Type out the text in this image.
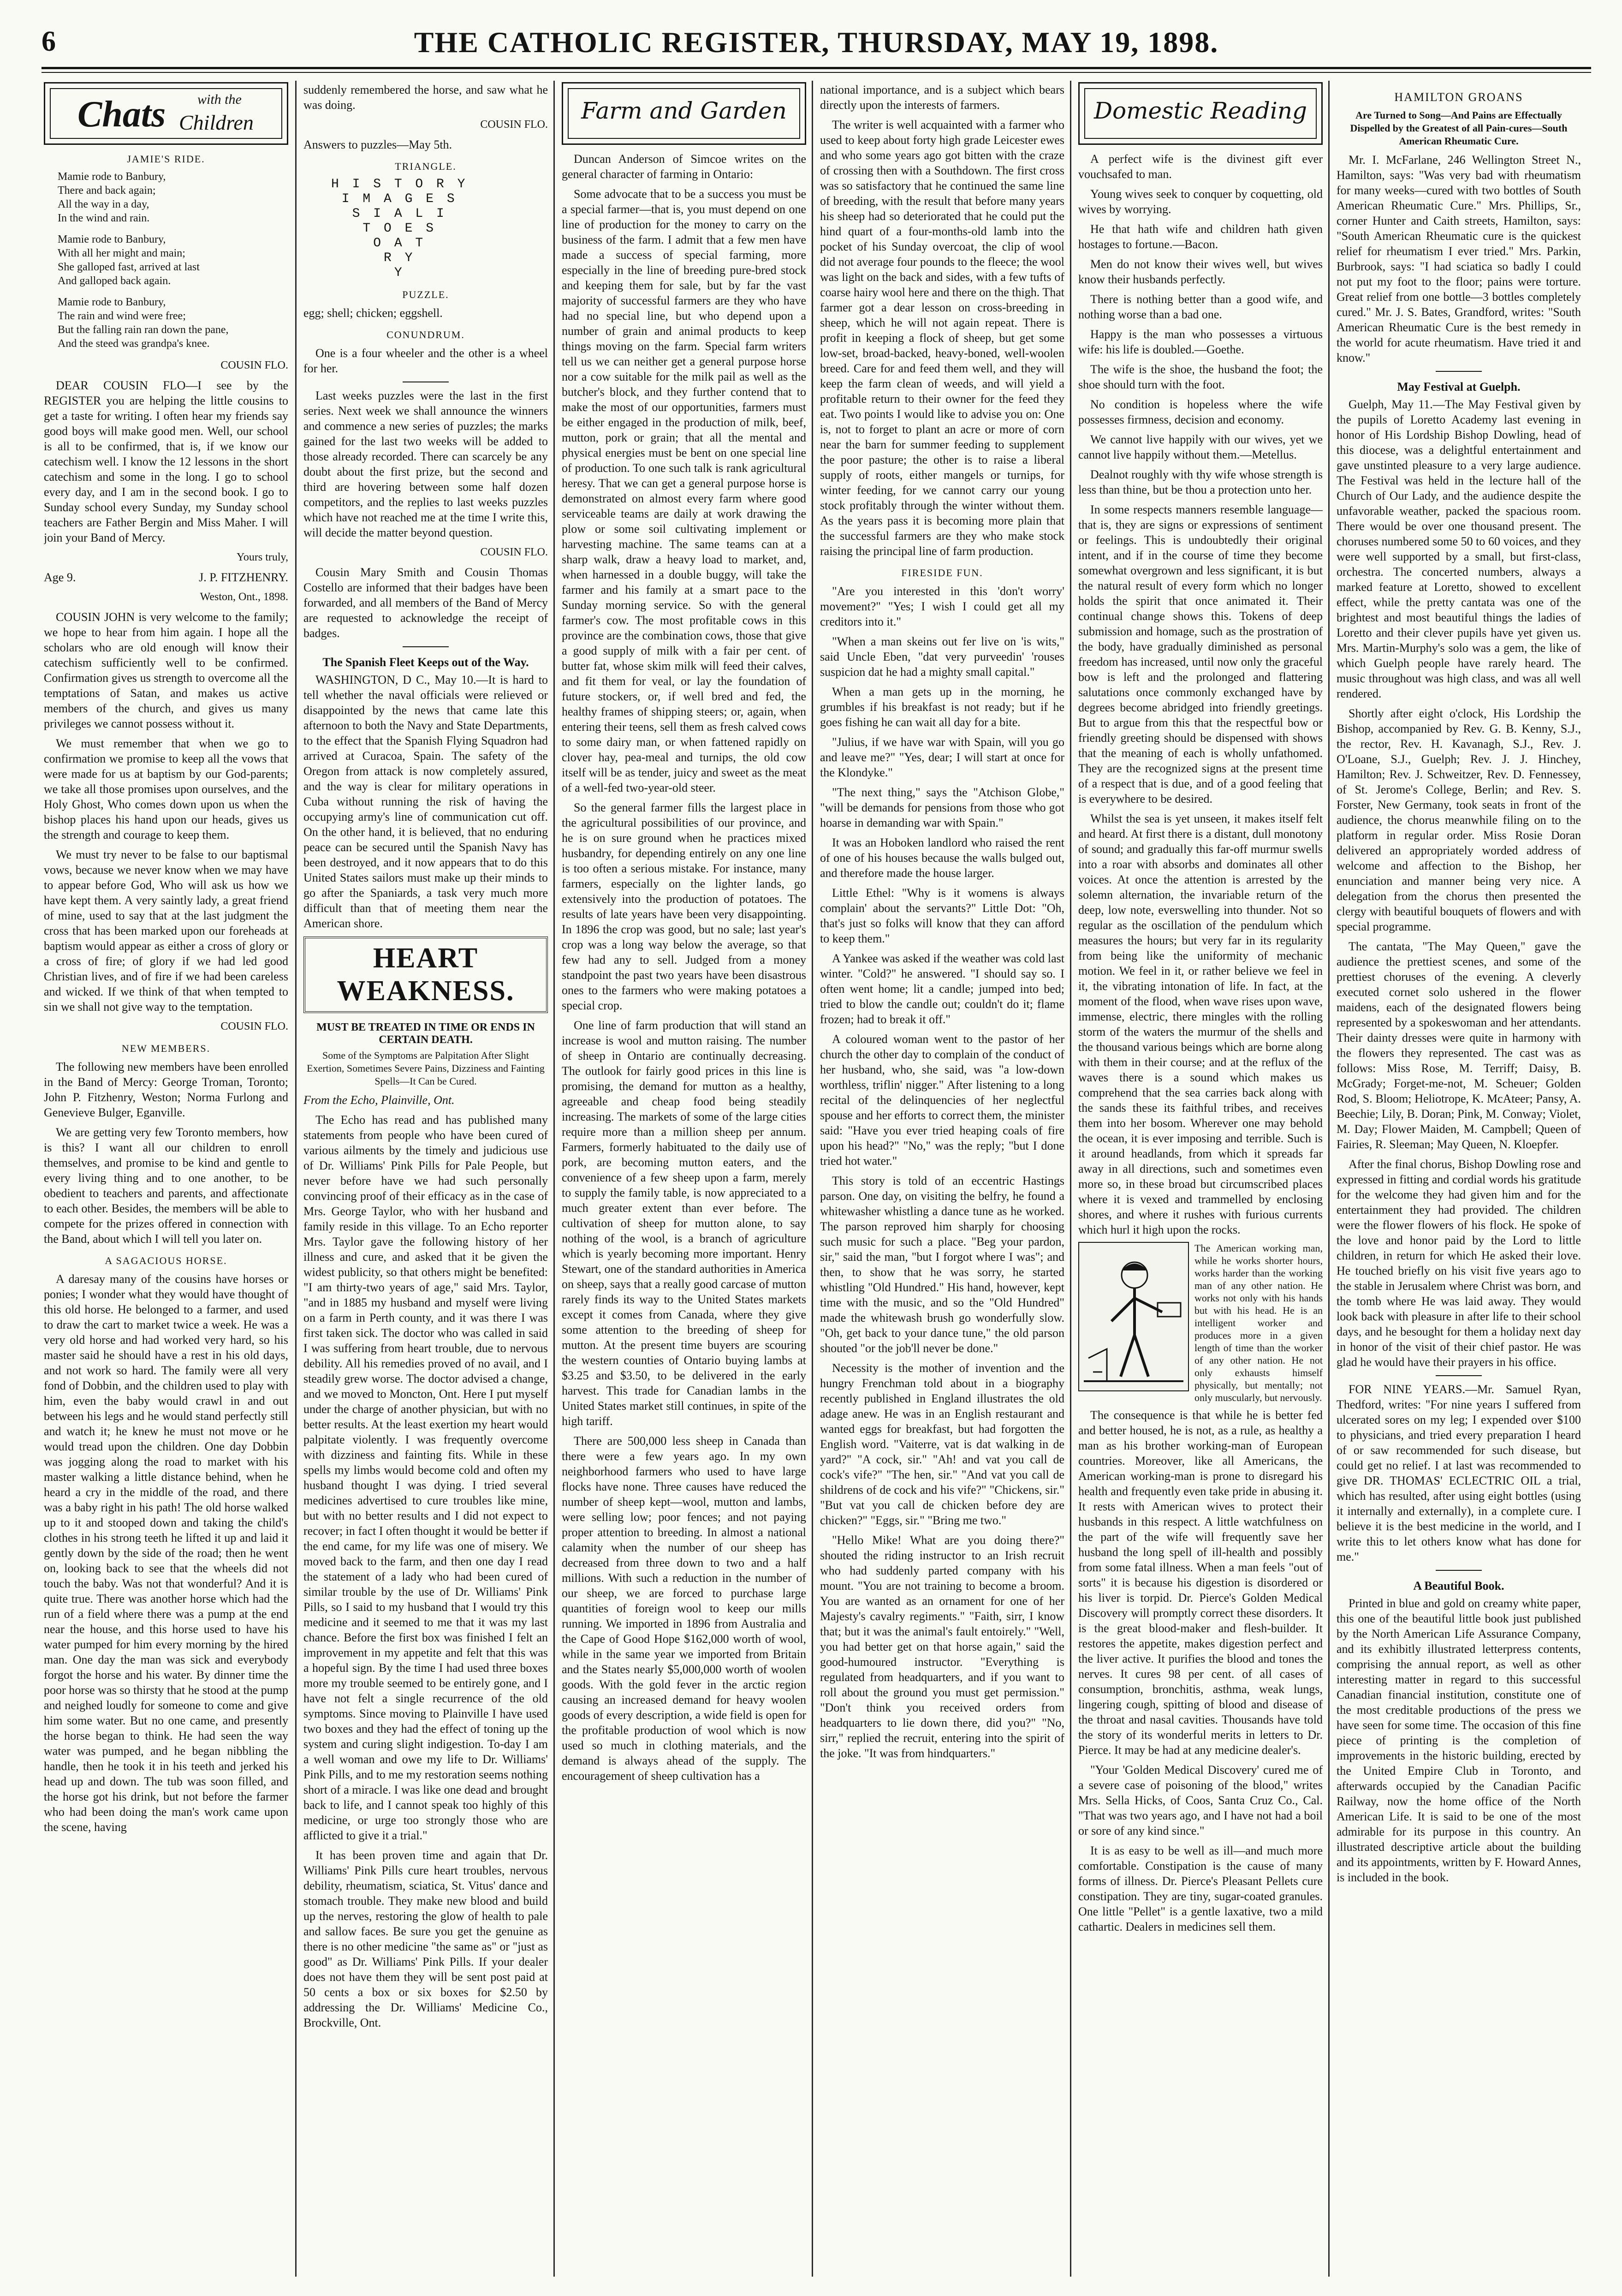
6	THE CATHOLIC REGISTER, THURSDAY, MAY 19, 1898.
Chats with the
Children
JAMIE'S RIDE.

Mamie rode to Banbury,
There and back again;
All the way in a day,
In the wind and rain.

Mamie rode to Banbury,
With all her might and main;
She galloped fast, arrived at last
And galloped back again.

Mamie rode to Banbury,
The rain and wind were free;
But the falling rain ran down the pane,
And the steed was grandpa's knee.

COUSIN FLO.

DEAR COUSIN FLO—I see by the REGISTER you are helping the little cousins to get a taste for writing. I often hear my friends say good boys will make good men. Well, our school is all to be confirmed, that is, if we know our catechism well. I know the 12 lessons in the short catechism and some in the long. I go to school every day, and I am in the second book. I go to Sunday school every Sunday, my Sunday school teachers are Father Bergin and Miss Maher. I will join your Band of Mercy.

Yours truly,

Age 9.	J. P. FITZHENRY.

Weston, Ont., 1898.

COUSIN JOHN is very welcome to the family; we hope to hear from him again. I hope all the scholars who are old enough will know their catechism sufficiently well to be confirmed. Confirmation gives us strength to overcome all the temptations of Satan, and makes us active members of the church, and gives us many privileges we cannot possess without it.

We must remember that when we go to confirmation we promise to keep all the vows that were made for us at baptism by our God-parents; we take all those promises upon ourselves, and the Holy Ghost, Who comes down upon us when the bishop places his hand upon our heads, gives us the strength and courage to keep them.

We must try never to be false to our baptismal vows, because we never know when we may have to appear before God, Who will ask us how we have kept them. A very saintly lady, a great friend of mine, used to say that at the last judgment the cross that has been marked upon our foreheads at baptism would appear as either a cross of glory or a cross of fire; of glory if we had led good Christian lives, and of fire if we had been careless and wicked. If we think of that when tempted to sin we shall not give way to the temptation.

COUSIN FLO.

NEW MEMBERS.

The following new members have been enrolled in the Band of Mercy: George Troman, Toronto; John P. Fitzhenry, Weston; Norma Furlong and Genevieve Bulger, Eganville.

We are getting very few Toronto members, how is this? I want all our children to enroll themselves, and promise to be kind and gentle to every living thing and to one another, to be obedient to teachers and parents, and affectionate to each other. Besides, the members will be able to compete for the prizes offered in connection with the Band, about which I will tell you later on.

A SAGACIOUS HORSE.

A daresay many of the cousins have horses or ponies; I wonder what they would have thought of this old horse. He belonged to a farmer, and used to draw the cart to market twice a week. He was a very old horse and had worked very hard, so his master said he should have a rest in his old days, and not work so hard. The family were all very fond of Dobbin, and the children used to play with him, even the baby would crawl in and out between his legs and he would stand perfectly still and watch it; he knew he must not move or he would tread upon the children. One day Dobbin was jogging along the road to market with his master walking a little distance behind, when he heard a cry in the middle of the road, and there was a baby right in his path! The old horse walked up to it and stooped down and taking the child's clothes in his strong teeth he lifted it up and laid it gently down by the side of the road; then he went on, looking back to see that the wheels did not touch the baby. Was not that wonderful? And it is quite true. There was another horse which had the run of a field where there was a pump at the end near the house, and this horse used to have his water pumped for him every morning by the hired man. One day the man was sick and everybody forgot the horse and his water. By dinner time the poor horse was so thirsty that he stood at the pump and neighed loudly for someone to come and give him some water. But no one came, and presently the horse began to think. He had seen the way water was pumped, and he began nibbling the handle, then he took it in his teeth and jerked his head up and down. The tub was soon filled, and the horse got his drink, but not before the farmer who had been doing the man's work came upon the scene, having

suddenly remembered the horse, and saw what he was doing.

COUSIN FLO.

Answers to puzzles—May 5th.

TRIANGLE.
H I S T O R Y
I M A G E S
S I A L I
T O E S
O A T
R Y
Y
PUZZLE.

egg; shell; chicken; eggshell.

CONUNDRUM.

One is a four wheeler and the other is a wheel for her.

Last weeks puzzles were the last in the first series. Next week we shall announce the winners and commence a new series of puzzles; the marks gained for the last two weeks will be added to those already recorded. There can scarcely be any doubt about the first prize, but the second and third are hovering between some half dozen competitors, and the replies to last weeks puzzles which have not reached me at the time I write this, will decide the matter beyond question.

COUSIN FLO.

Cousin Mary Smith and Cousin Thomas Costello are informed that their badges have been forwarded, and all members of the Band of Mercy are requested to acknowledge the receipt of badges.

The Spanish Fleet Keeps out of the Way.

WASHINGTON, D C., May 10.—It is hard to tell whether the naval officials were relieved or disappointed by the news that came late this afternoon to both the Navy and State Departments, to the effect that the Spanish Flying Squadron had arrived at Curacoa, Spain. The safety of the Oregon from attack is now completely assured, and the way is clear for military operations in Cuba without running the risk of having the occupying army's line of communication cut off. On the other hand, it is believed, that no enduring peace can be secured until the Spanish Navy has been destroyed, and it now appears that to do this United States sailors must make up their minds to go after the Spaniards, a task very much more difficult than that of meeting them near the American shore.

HEART WEAKNESS.
MUST BE TREATED IN TIME OR ENDS IN CERTAIN DEATH.

Some of the Symptoms are Palpitation After Slight Exertion, Sometimes Severe Pains, Dizziness and Fainting Spells—It Can be Cured.

From the Echo, Plainville, Ont.

The Echo has read and has published many statements from people who have been cured of various ailments by the timely and judicious use of Dr. Williams' Pink Pills for Pale People, but never before have we had such personally convincing proof of their efficacy as in the case of Mrs. George Taylor, who with her husband and family reside in this village. To an Echo reporter Mrs. Taylor gave the following history of her illness and cure, and asked that it be given the widest publicity, so that others might be benefited: "I am thirty-two years of age," said Mrs. Taylor, "and in 1885 my husband and myself were living on a farm in Perth county, and it was there I was first taken sick. The doctor who was called in said I was suffering from heart trouble, due to nervous debility. All his remedies proved of no avail, and I steadily grew worse. The doctor advised a change, and we moved to Moncton, Ont. Here I put myself under the charge of another physician, but with no better results. At the least exertion my heart would palpitate violently. I was frequently overcome with dizziness and fainting fits. While in these spells my limbs would become cold and often my husband thought I was dying. I tried several medicines advertised to cure troubles like mine, but with no better results and I did not expect to recover; in fact I often thought it would be better if the end came, for my life was one of misery. We moved back to the farm, and then one day I read the statement of a lady who had been cured of similar trouble by the use of Dr. Williams' Pink Pills, so I said to my husband that I would try this medicine and it seemed to me that it was my last chance. Before the first box was finished I felt an improvement in my appetite and felt that this was a hopeful sign. By the time I had used three boxes more my trouble seemed to be entirely gone, and I have not felt a single recurrence of the old symptoms. Since moving to Plainville I have used two boxes and they had the effect of toning up the system and curing slight indigestion. To-day I am a well woman and owe my life to Dr. Williams' Pink Pills, and to me my restoration seems nothing short of a miracle. I was like one dead and brought back to life, and I cannot speak too highly of this medicine, or urge too strongly those who are afflicted to give it a trial."

It has been proven time and again that Dr. Williams' Pink Pills cure heart troubles, nervous debility, rheumatism, sciatica, St. Vitus' dance and stomach trouble. They make new blood and build up the nerves, restoring the glow of health to pale and sallow faces. Be sure you get the genuine as there is no other medicine "the same as" or "just as good" as Dr. Williams' Pink Pills. If your dealer does not have them they will be sent post paid at 50 cents a box or six boxes for $2.50 by addressing the Dr. Williams' Medicine Co., Brockville, Ont.

Farm and Garden

Duncan Anderson of Simcoe writes on the general character of farming in Ontario:

Some advocate that to be a success you must be a special farmer—that is, you must depend on one line of production for the money to carry on the business of the farm. I admit that a few men have made a success of special farming, more especially in the line of breeding pure-bred stock and keeping them for sale, but by far the vast majority of successful farmers are they who have had no special line, but who depend upon a number of grain and animal products to keep things moving on the farm. Special farm writers tell us we can neither get a general purpose horse nor a cow suitable for the milk pail as well as the butcher's block, and they further contend that to make the most of our opportunities, farmers must be either engaged in the production of milk, beef, mutton, pork or grain; that all the mental and physical energies must be bent on one special line of production. To one such talk is rank agricultural heresy. That we can get a general purpose horse is demonstrated on almost every farm where good serviceable teams are daily at work drawing the plow or some soil cultivating implement or harvesting machine. The same teams can at a sharp walk, draw a heavy load to market, and, when harnessed in a double buggy, will take the farmer and his family at a smart pace to the Sunday morning service. So with the general farmer's cow. The most profitable cows in this province are the combination cows, those that give a good supply of milk with a fair per cent. of butter fat, whose skim milk will feed their calves, and fit them for veal, or lay the foundation of future stockers, or, if well bred and fed, the healthy frames of shipping steers; or, again, when entering their teens, sell them as fresh calved cows to some dairy man, or when fattened rapidly on clover hay, pea-meal and turnips, the old cow itself will be as tender, juicy and sweet as the meat of a well-fed two-year-old steer.

So the general farmer fills the largest place in the agricultural possibilities of our province, and he is on sure ground when he practices mixed husbandry, for depending entirely on any one line is too often a serious mistake. For instance, many farmers, especially on the lighter lands, go extensively into the production of potatoes. The results of late years have been very disappointing. In 1896 the crop was good, but no sale; last year's crop was a long way below the average, so that few had any to sell. Judged from a money standpoint the past two years have been disastrous ones to the farmers who were making potatoes a special crop.

One line of farm production that will stand an increase is wool and mutton raising. The number of sheep in Ontario are continually decreasing. The outlook for fairly good prices in this line is promising, the demand for mutton as a healthy, agreeable and cheap food being steadily increasing. The markets of some of the large cities require more than a million sheep per annum. Farmers, formerly habituated to the daily use of pork, are becoming mutton eaters, and the convenience of a few sheep upon a farm, merely to supply the family table, is now appreciated to a much greater extent than ever before. The cultivation of sheep for mutton alone, to say nothing of the wool, is a branch of agriculture which is yearly becoming more important. Henry Stewart, one of the standard authorities in America on sheep, says that a really good carcase of mutton rarely finds its way to the United States markets except it comes from Canada, where they give some attention to the breeding of sheep for mutton. At the present time buyers are scouring the western counties of Ontario buying lambs at $3.25 and $3.50, to be delivered in the early harvest. This trade for Canadian lambs in the United States market still continues, in spite of the high tariff.

There are 500,000 less sheep in Canada than there were a few years ago. In my own neighborhood farmers who used to have large flocks have none. Three causes have reduced the number of sheep kept—wool, mutton and lambs, were selling low; poor fences; and not paying proper attention to breeding. In almost a national calamity when the number of our sheep has decreased from three down to two and a half millions. With such a reduction in the number of our sheep, we are forced to purchase large quantities of foreign wool to keep our mills running. We imported in 1896 from Australia and the Cape of Good Hope $162,000 worth of wool, while in the same year we imported from Britain and the States nearly $5,000,000 worth of woolen goods. With the gold fever in the arctic region causing an increased demand for heavy woolen goods of every description, a wide field is open for the profitable production of wool which is now used so much in clothing materials, and the demand is always ahead of the supply. The encouragement of sheep cultivation has a

national importance, and is a subject which bears directly upon the interests of farmers.

The writer is well acquainted with a farmer who used to keep about forty high grade Leicester ewes and who some years ago got bitten with the craze of crossing then with a Southdown. The first cross was so satisfactory that he continued the same line of breeding, with the result that before many years his sheep had so deteriorated that he could put the hind quart of a four-months-old lamb into the pocket of his Sunday overcoat, the clip of wool did not average four pounds to the fleece; the wool was light on the back and sides, with a few tufts of coarse hairy wool here and there on the thigh. That farmer got a dear lesson on cross-breeding in sheep, which he will not again repeat. There is profit in keeping a flock of sheep, but get some low-set, broad-backed, heavy-boned, well-woolen breed. Care for and feed them well, and they will keep the farm clean of weeds, and will yield a profitable return to their owner for the feed they eat. Two points I would like to advise you on: One is, not to forget to plant an acre or more of corn near the barn for summer feeding to supplement the poor pasture; the other is to raise a liberal supply of roots, either mangels or turnips, for winter feeding, for we cannot carry our young stock profitably through the winter without them. As the years pass it is becoming more plain that the successful farmers are they who make stock raising the principal line of farm production.

FIRESIDE FUN.

"Are you interested in this 'don't worry' movement?" "Yes; I wish I could get all my creditors into it."

"When a man skeins out fer live on 'is wits," said Uncle Eben, "dat very purveedin' 'rouses suspicion dat he had a mighty small capital."

When a man gets up in the morning, he grumbles if his breakfast is not ready; but if he goes fishing he can wait all day for a bite.

"Julius, if we have war with Spain, will you go and leave me?" "Yes, dear; I will start at once for the Klondyke."

"The next thing," says the "Atchison Globe," "will be demands for pensions from those who got hoarse in demanding war with Spain."

It was an Hoboken landlord who raised the rent of one of his houses because the walls bulged out, and therefore made the house larger.

Little Ethel: "Why is it womens is always complain' about the servants?" Little Dot: "Oh, that's just so folks will know that they can afford to keep them."

A Yankee was asked if the weather was cold last winter. "Cold?" he answered. "I should say so. I often went home; lit a candle; jumped into bed; tried to blow the candle out; couldn't do it; flame frozen; had to break it off."

A coloured woman went to the pastor of her church the other day to complain of the conduct of her husband, who, she said, was "a low-down worthless, triflin' nigger." After listening to a long recital of the delinquencies of her neglectful spouse and her efforts to correct them, the minister said: "Have you ever tried heaping coals of fire upon his head?" "No," was the reply; "but I done tried hot water."

This story is told of an eccentric Hastings parson. One day, on visiting the belfry, he found a whitewasher whistling a dance tune as he worked. The parson reproved him sharply for choosing such music for such a place. "Beg your pardon, sir," said the man, "but I forgot where I was"; and then, to show that he was sorry, he started whistling "Old Hundred." His hand, however, kept time with the music, and so the "Old Hundred" made the whitewash brush go wonderfully slow. "Oh, get back to your dance tune," the old parson shouted "or the job'll never be done."

Necessity is the mother of invention and the hungry Frenchman told about in a biography recently published in England illustrates the old adage anew. He was in an English restaurant and wanted eggs for breakfast, but had forgotten the English word. "Vaiterre, vat is dat walking in de yard?" "A cock, sir." "Ah! and vat you call de cock's vife?" "The hen, sir." "And vat you call de shildrens of de cock and his vife?" "Chickens, sir." "But vat you call de chicken before dey are chicken?" "Eggs, sir." "Bring me two."

"Hello Mike! What are you doing there?" shouted the riding instructor to an Irish recruit who had suddenly parted company with his mount. "You are not training to become a broom. You are wanted as an ornament for one of her Majesty's cavalry regiments." "Faith, sirr, I know that; but it was the animal's fault entoirely." "Well, you had better get on that horse again," said the good-humoured instructor. "Everything is regulated from headquarters, and if you want to roll about the ground you must get permission." "Don't think you received orders from headquarters to lie down there, did you?" "No, sirr," replied the recruit, entering into the spirit of the joke. "It was from hindquarters."

Domestic Reading

A perfect wife is the divinest gift ever vouchsafed to man.

Young wives seek to conquer by coquetting, old wives by worrying.

He that hath wife and children hath given hostages to fortune.—Bacon.

Men do not know their wives well, but wives know their husbands perfectly.

There is nothing better than a good wife, and nothing worse than a bad one.

Happy is the man who possesses a virtuous wife: his life is doubled.—Goethe.

The wife is the shoe, the husband the foot; the shoe should turn with the foot.

No condition is hopeless where the wife possesses firmness, decision and economy.

We cannot live happily with our wives, yet we cannot live happily without them.—Metellus.

Dealnot roughly with thy wife whose strength is less than thine, but be thou a protection unto her.

In some respects manners resemble language—that is, they are signs or expressions of sentiment or feelings. This is undoubtedly their original intent, and if in the course of time they become somewhat overgrown and less significant, it is but the natural result of every form which no longer holds the spirit that once animated it. Their continual change shows this. Tokens of deep submission and homage, such as the prostration of the body, have gradually diminished as personal freedom has increased, until now only the graceful bow is left and the prolonged and flattering salutations once commonly exchanged have by degrees become abridged into friendly greetings. But to argue from this that the respectful bow or friendly greeting should be dispensed with shows that the meaning of each is wholly unfathomed. They are the recognized signs at the present time of a respect that is due, and of a good feeling that is everywhere to be desired.

Whilst the sea is yet unseen, it makes itself felt and heard. At first there is a distant, dull monotony of sound; and gradually this far-off murmur swells into a roar with absorbs and dominates all other voices. At once the attention is arrested by the solemn alternation, the invariable return of the deep, low note, everswelling into thunder. Not so regular as the oscillation of the pendulum which measures the hours; but very far in its regularity from being like the uniformity of mechanic motion. We feel in it, or rather believe we feel in it, the vibrating intonation of life. In fact, at the moment of the flood, when wave rises upon wave, immense, electric, there mingles with the rolling storm of the waters the murmur of the shells and the thousand various beings which are borne along with them in their course; and at the reflux of the waves there is a sound which makes us comprehend that the sea carries back along with the sands these its faithful tribes, and receives them into her bosom. Wherever one may behold the ocean, it is ever imposing and terrible. Such is it around headlands, from which it spreads far away in all directions, such and sometimes even more so, in these broad but circumscribed places where it is vexed and trammelled by enclosing shores, and where it rushes with furious currents which hurl it high upon the rocks.

The American working man, while he works shorter hours, works harder than the working man of any other nation. He works not only with his hands but with his head. He is an intelligent worker and produces more in a given length of time than the worker of any other nation. He not only exhausts himself physically, but mentally; not only muscularly, but nervously.

The consequence is that while he is better fed and better housed, he is not, as a rule, as healthy a man as his brother working-man of European countries. Moreover, like all Americans, the American working-man is prone to disregard his health and frequently even take pride in abusing it. It rests with American wives to protect their husbands in this respect. A little watchfulness on the part of the wife will frequently save her husband the long spell of ill-health and possibly from some fatal illness. When a man feels "out of sorts" it is because his digestion is disordered or his liver is torpid. Dr. Pierce's Golden Medical Discovery will promptly correct these disorders. It is the great blood-maker and flesh-builder. It restores the appetite, makes digestion perfect and the liver active. It purifies the blood and tones the nerves. It cures 98 per cent. of all cases of consumption, bronchitis, asthma, weak lungs, lingering cough, spitting of blood and disease of the throat and nasal cavities. Thousands have told the story of its wonderful merits in letters to Dr. Pierce. It may be had at any medicine dealer's.

"Your 'Golden Medical Discovery' cured me of a severe case of poisoning of the blood," writes Mrs. Sella Hicks, of Coos, Santa Cruz Co., Cal. "That was two years ago, and I have not had a boil or sore of any kind since."

It is as easy to be well as ill—and much more comfortable. Constipation is the cause of many forms of illness. Dr. Pierce's Pleasant Pellets cure constipation. They are tiny, sugar-coated granules. One little "Pellet" is a gentle laxative, two a mild cathartic. Dealers in medicines sell them.

HAMILTON GROANS

Are Turned to Song—And Pains are Effectually Dispelled by the Greatest of all Pain-cures—South American Rheumatic Cure.

Mr. I. McFarlane, 246 Wellington Street N., Hamilton, says: "Was very bad with rheumatism for many weeks—cured with two bottles of South American Rheumatic Cure." Mrs. Phillips, Sr., corner Hunter and Caith streets, Hamilton, says: "South American Rheumatic cure is the quickest relief for rheumatism I ever tried." Mrs. Parkin, Burbrook, says: "I had sciatica so badly I could not put my foot to the floor; pains were torture. Great relief from one bottle—3 bottles completely cured." Mr. J. S. Bates, Grandford, writes: "South American Rheumatic Cure is the best remedy in the world for acute rheumatism. Have tried it and know."

May Festival at Guelph.

Guelph, May 11.—The May Festival given by the pupils of Loretto Academy last evening in honor of His Lordship Bishop Dowling, head of this diocese, was a delightful entertainment and gave unstinted pleasure to a very large audience. The Festival was held in the lecture hall of the Church of Our Lady, and the audience despite the unfavorable weather, packed the spacious room. There would be over one thousand present. The choruses numbered some 50 to 60 voices, and they were well supported by a small, but first-class, orchestra. The concerted numbers, always a marked feature at Loretto, showed to excellent effect, while the pretty cantata was one of the brightest and most beautiful things the ladies of Loretto and their clever pupils have yet given us. Mrs. Martin-Murphy's solo was a gem, the like of which Guelph people have rarely heard. The music throughout was high class, and was all well rendered.

Shortly after eight o'clock, His Lordship the Bishop, accompanied by Rev. G. B. Kenny, S.J., the rector, Rev. H. Kavanagh, S.J., Rev. J. O'Loane, S.J., Guelph; Rev. J. J. Hinchey, Hamilton; Rev. J. Schweitzer, Rev. D. Fennessey, of St. Jerome's College, Berlin; and Rev. S. Forster, New Germany, took seats in front of the audience, the chorus meanwhile filing on to the platform in regular order. Miss Rosie Doran delivered an appropriately worded address of welcome and affection to the Bishop, her enunciation and manner being very nice. A delegation from the chorus then presented the clergy with beautiful bouquets of flowers and with special programme.

The cantata, "The May Queen," gave the audience the prettiest scenes, and some of the prettiest choruses of the evening. A cleverly executed cornet solo ushered in the flower maidens, each of the designated flowers being represented by a spokeswoman and her attendants. Their dainty dresses were quite in harmony with the flowers they represented. The cast was as follows: Miss Rose, M. Terriff; Daisy, B. McGrady; Forget-me-not, M. Scheuer; Golden Rod, S. Bloom; Heliotrope, K. McAteer; Pansy, A. Beechie; Lily, B. Doran; Pink, M. Conway; Violet, M. Day; Flower Maiden, M. Campbell; Queen of Fairies, R. Sleeman; May Queen, N. Kloepfer.

After the final chorus, Bishop Dowling rose and expressed in fitting and cordial words his gratitude for the welcome they had given him and for the entertainment they had provided. The children were the flower flowers of his flock. He spoke of the love and honor paid by the Lord to little children, in return for which He asked their love. He touched briefly on his visit five years ago to the stable in Jerusalem where Christ was born, and the tomb where He was laid away. They would look back with pleasure in after life to their school days, and he besought for them a holiday next day in honor of the visit of their chief pastor. He was glad he would have their prayers in his office.

FOR NINE YEARS.—Mr. Samuel Ryan, Thedford, writes: "For nine years I suffered from ulcerated sores on my leg; I expended over $100 to physicians, and tried every preparation I heard of or saw recommended for such disease, but could get no relief. I at last was recommended to give DR. THOMAS' ECLECTRIC OIL a trial, which has resulted, after using eight bottles (using it internally and externally), in a complete cure. I believe it is the best medicine in the world, and I write this to let others know what has done for me."

A Beautiful Book.

Printed in blue and gold on creamy white paper, this one of the beautiful little book just published by the North American Life Assurance Company, and its exhibitly illustrated letterpress contents, comprising the annual report, as well as other interesting matter in regard to this successful Canadian financial institution, constitute one of the most creditable productions of the press we have seen for some time. The occasion of this fine piece of printing is the completion of improvements in the historic building, erected by the United Empire Club in Toronto, and afterwards occupied by the Canadian Pacific Railway, now the home office of the North American Life. It is said to be one of the most admirable for its purpose in this country. An illustrated descriptive article about the building and its appointments, written by F. Howard Annes, is included in the book.
